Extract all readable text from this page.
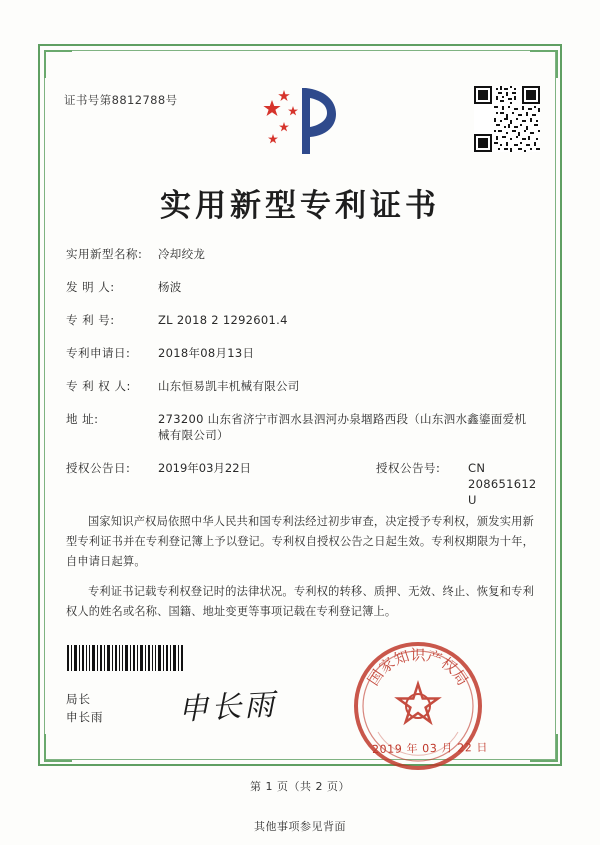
证书号第8812788号
实用新型专利证书
实用新型名称:	冷却绞龙
发 明 人:	杨波
专 利 号:	ZL 2018 2 1292601.4
专利申请日:	2018年08月13日
专 利 权 人:	山东恒易凯丰机械有限公司
地 址:	273200 山东省济宁市泗水县泗河办泉堌路西段（山东泗水鑫鎏面爱机械有限公司）
授权公告日:	2019年03月22日	授权公告号:	CN 208651612 U

国家知识产权局依照中华人民共和国专利法经过初步审查，决定授予专利权，颁发实用新型专利证书并在专利登记簿上予以登记。专利权自授权公告之日起生效。专利权期限为十年，自申请日起算。

专利证书记载专利权登记时的法律状况。专利权的转移、质押、无效、终止、恢复和专利权人的姓名或名称、国籍、地址变更等事项记载在专利登记簿上。

局长
申长雨 申长雨
国家知识产权局
2019 年 03 月 22 日
第 1 页（共 2 页）
其他事项参见背面
